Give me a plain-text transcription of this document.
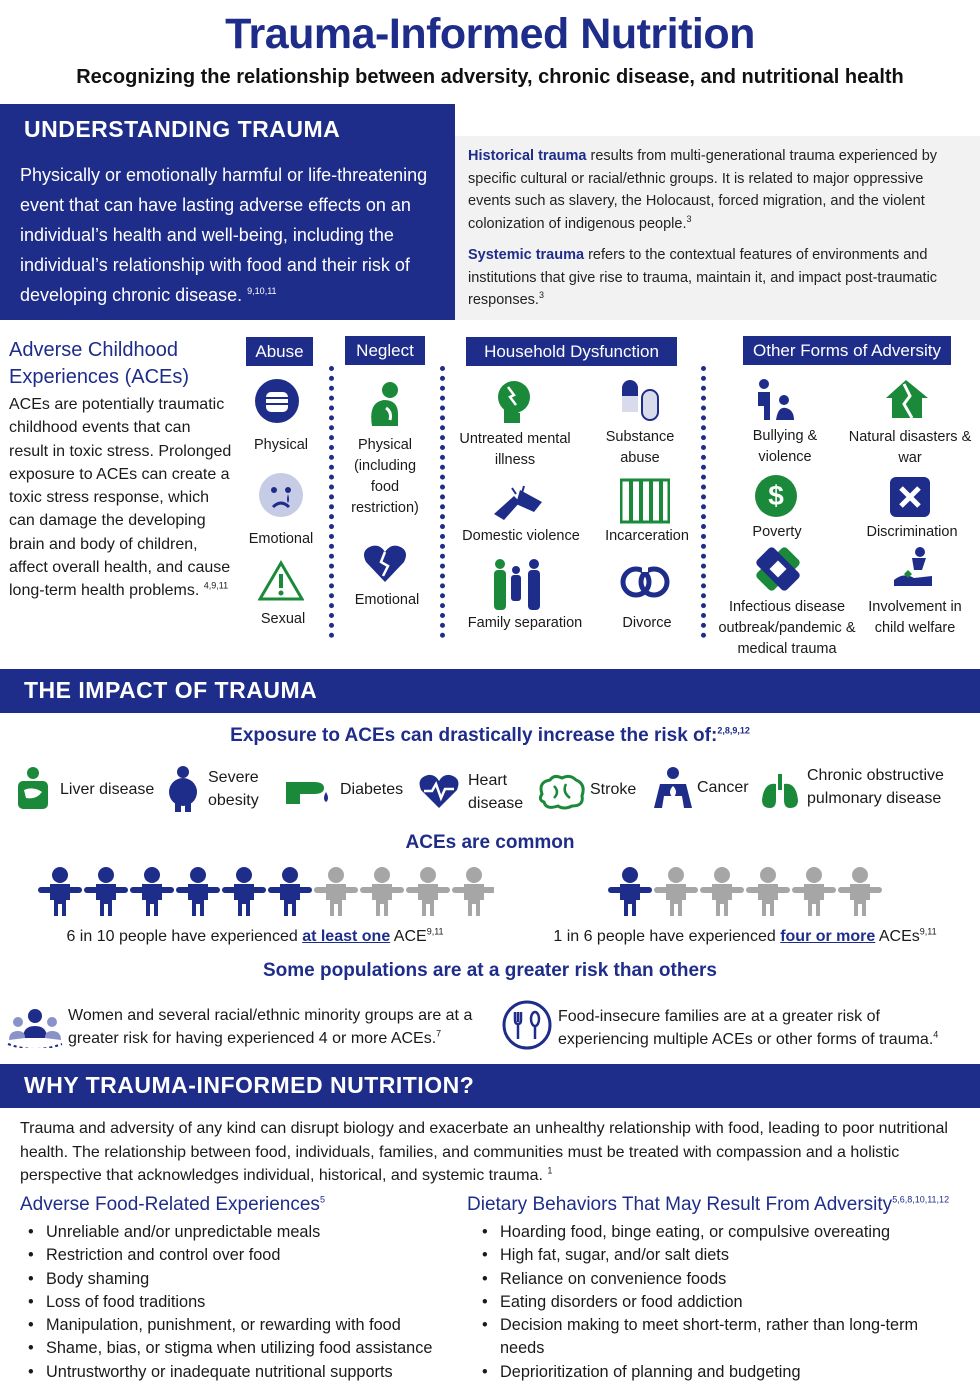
Trauma-Informed Nutrition
Recognizing the relationship between adversity, chronic disease, and nutritional health
UNDERSTANDING TRAUMA
Physically or emotionally harmful or life-threatening event that can have lasting adverse effects on an individual’s health and well-being, including the individual’s relationship with food and their risk of developing chronic disease. $^{9,10,11}$
Historical trauma results from multi-generational trauma experienced by specific cultural or racial/ethnic groups. It is related to major oppressive events such as slavery, the Holocaust, forced migration, and the violent colonization of indigenous people.$^3$
Systemic trauma refers to the contextual features of environments and institutions that give rise to trauma, maintain it, and impact post-traumatic responses.$^3$
Adverse Childhood Experiences (ACEs)
ACEs are potentially traumatic childhood events that can result in toxic stress. Prolonged exposure to ACEs can create a toxic stress response, which can damage the developing brain and body of children, affect overall health, and cause long-term health problems. $^{4,9,11}$
Abuse	Neglect	Household Dysfunction	Other Forms of Adversity
Physical
Emotional
Sexual
Physical (including food restriction)
Emotional
Untreated mental illness
Substance abuse
Domestic violence	Incarceration
Family separation	Divorce
Bullying & violence
Natural disasters & war
$
Poverty	Discrimination
Infectious disease outbreak/pandemic & medical trauma
Involvement in child welfare
THE IMPACT OF TRAUMA
Exposure to ACEs can drastically increase the risk of:$^{2,8,9,12}$
Liver disease
Severe obesity
Diabetes
Heart disease
Stroke	Cancer
Chronic obstructive pulmonary disease
ACEs are common
6 in 10 people have experienced at least one ACE$^{9,11}$	1 in 6 people have experienced four or more ACEs$^{9,11}$
Some populations are at a greater risk than others
Women and several racial/ethnic minority groups are at a greater risk for having experienced 4 or more ACEs.$^7$
Food-insecure families are at a greater risk of experiencing multiple ACEs or other forms of trauma.$^4$
WHY TRAUMA-INFORMED NUTRITION?
Trauma and adversity of any kind can disrupt biology and exacerbate an unhealthy relationship with food, leading to poor nutritional health. The relationship between food, individuals, families, and communities must be treated with compassion and a holistic perspective that acknowledges individual, historical, and systemic trauma. $^1$
Adverse Food-Related Experiences$^5$
• Unreliable and/or unpredictable meals
• Restriction and control over food
• Body shaming
• Loss of food traditions
• Manipulation, punishment, or rewarding with food
• Shame, bias, or stigma when utilizing food assistance
• Untrustworthy or inadequate nutritional supports
Dietary Behaviors That May Result From Adversity$^{5,6,8,10,11,12}$
• Hoarding food, binge eating, or compulsive overeating
• High fat, sugar, and/or salt diets
• Reliance on convenience foods
• Eating disorders or food addiction
• Decision making to meet short-term, rather than long-term needs
• Deprioritization of planning and budgeting
